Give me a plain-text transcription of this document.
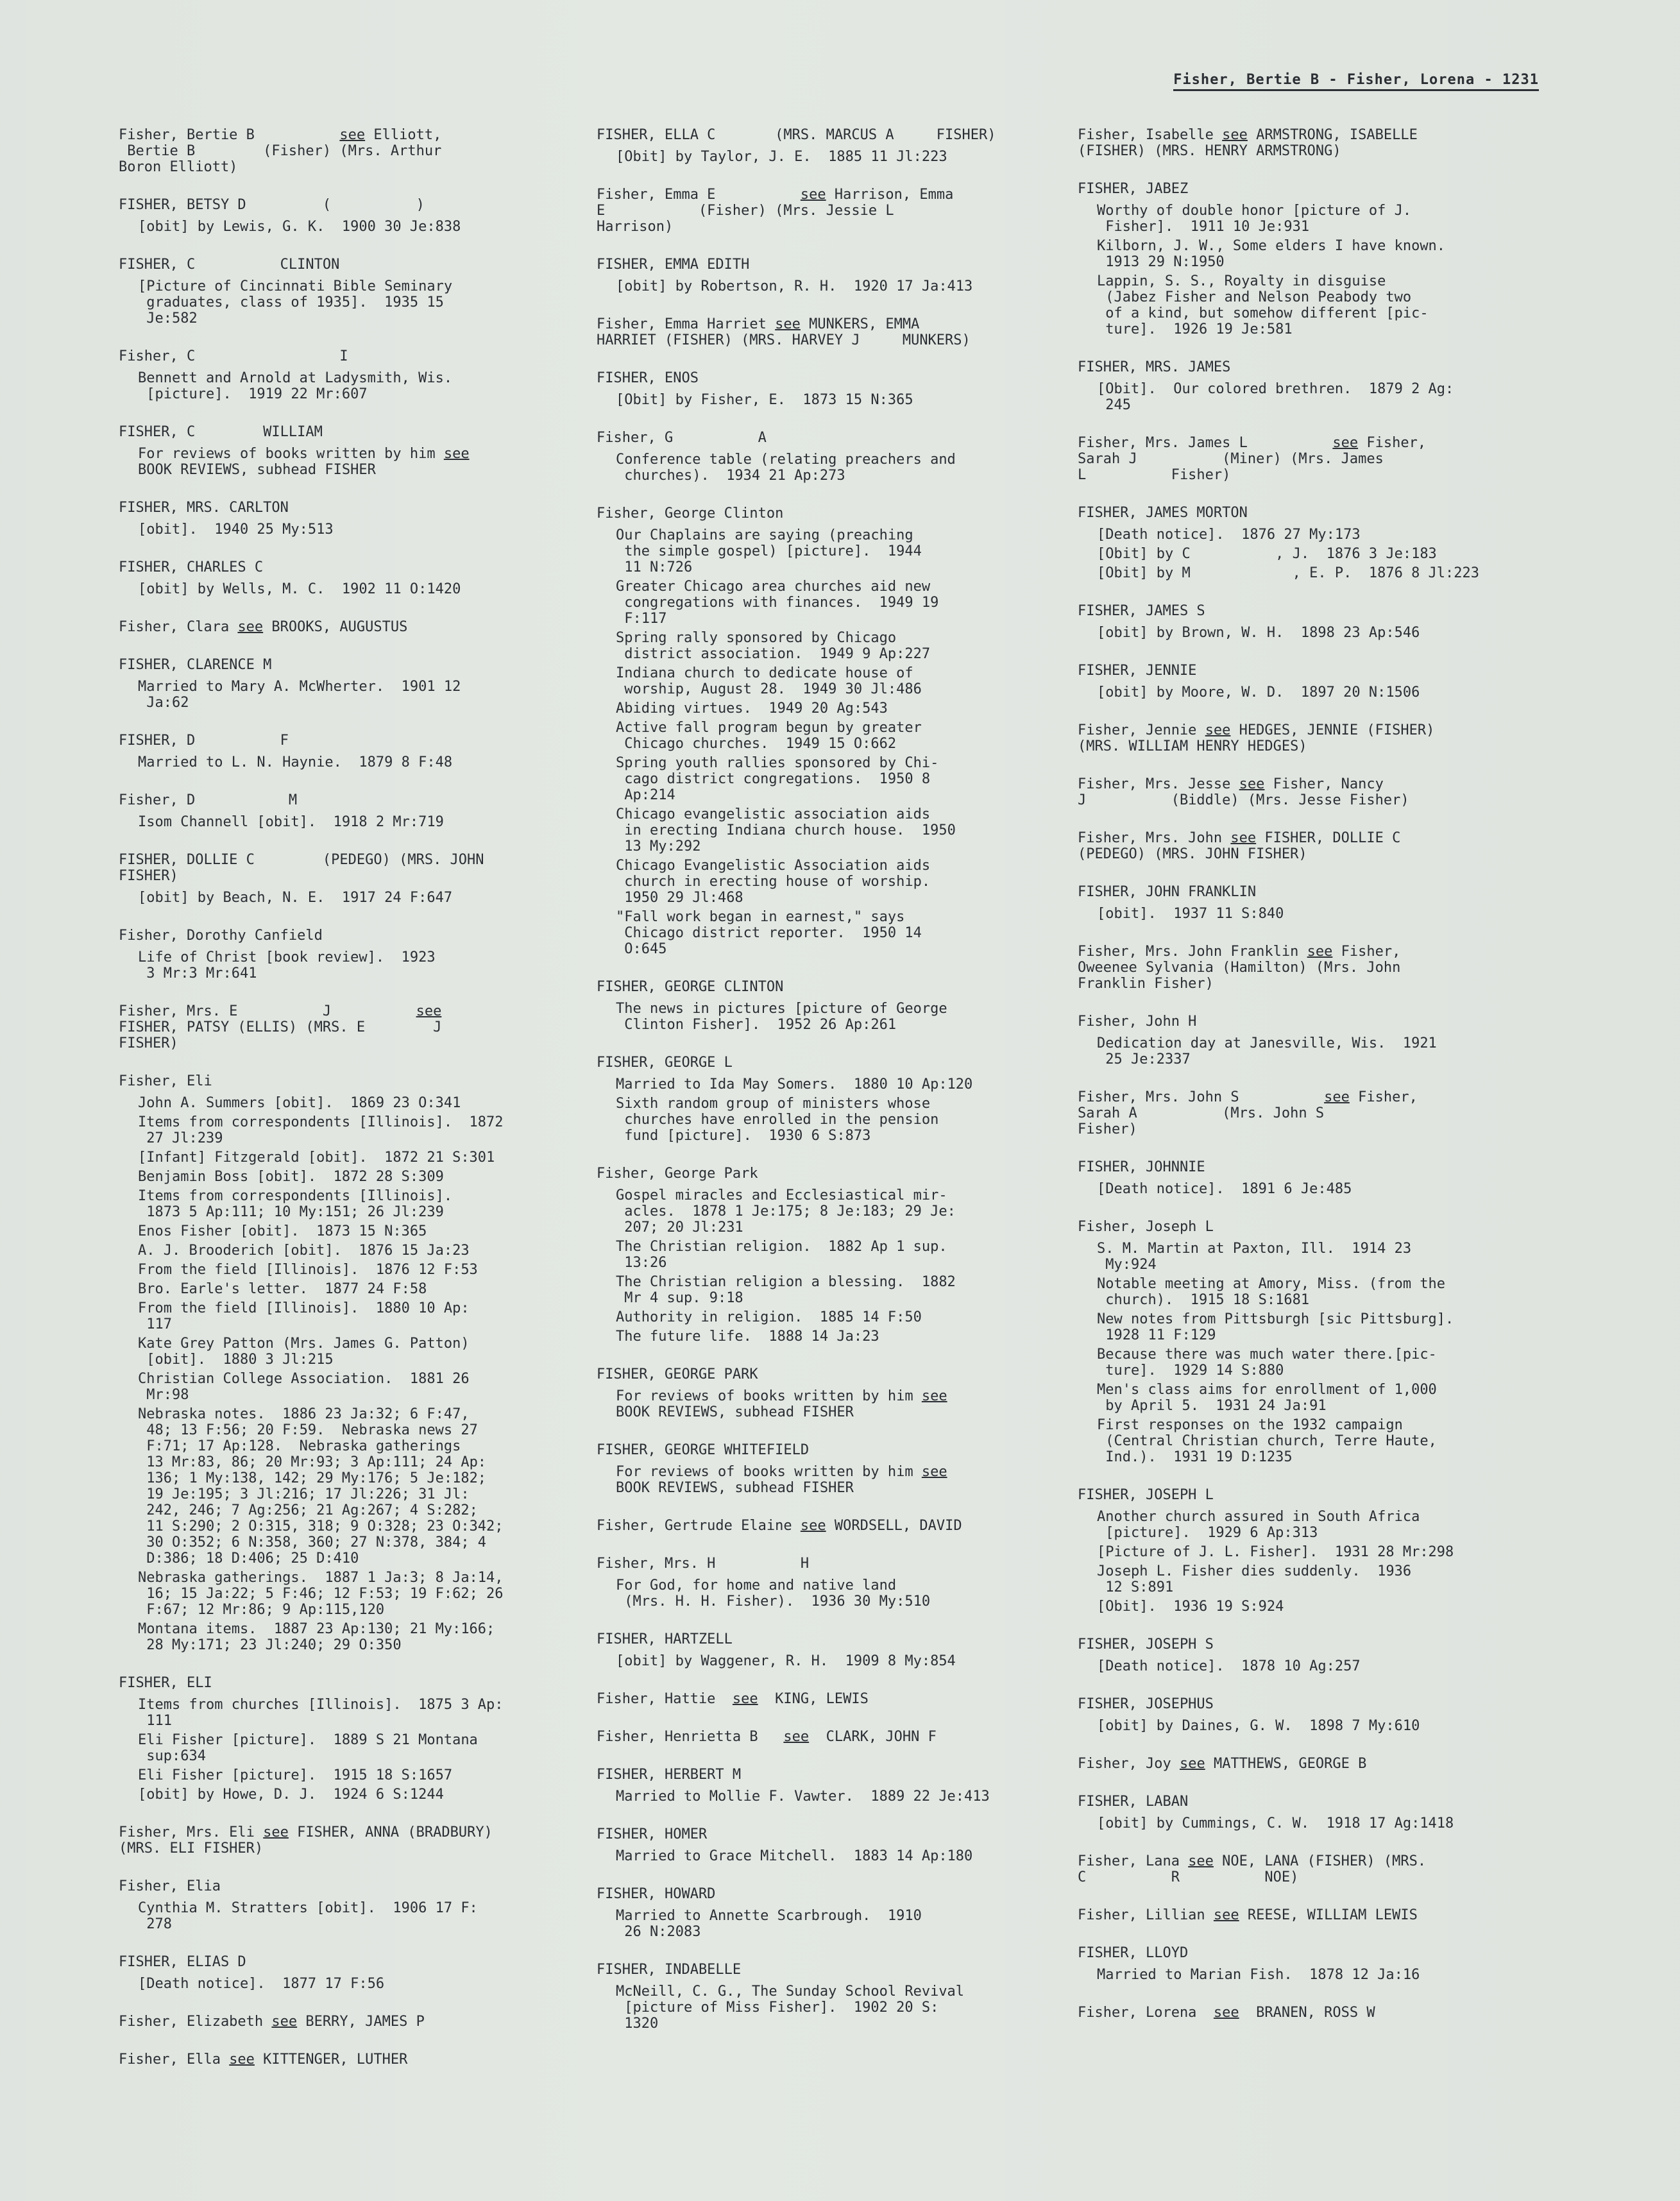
Fisher, Bertie B - Fisher, Lorena - 1231
Fisher, Bertie B          see Elliott,
Bertie B        (Fisher) (Mrs. Arthur
Boron Elliott)
FISHER, BETSY D         (          )
[obit] by Lewis, G. K.  1900 30 Je:838
FISHER, C          CLINTON
[Picture of Cincinnati Bible Seminary
graduates, class of 1935].  1935 15
Je:582
Fisher, C                 I
Bennett and Arnold at Ladysmith, Wis.
[picture].  1919 22 Mr:607
FISHER, C        WILLIAM
For reviews of books written by him see
BOOK REVIEWS, subhead FISHER
FISHER, MRS. CARLTON
[obit].  1940 25 My:513
FISHER, CHARLES C
[obit] by Wells, M. C.  1902 11 O:1420
Fisher, Clara see BROOKS, AUGUSTUS
FISHER, CLARENCE M
Married to Mary A. McWherter.  1901 12
Ja:62
FISHER, D          F
Married to L. N. Haynie.  1879 8 F:48
Fisher, D           M
Isom Channell [obit].  1918 2 Mr:719
FISHER, DOLLIE C        (PEDEGO) (MRS. JOHN
FISHER)
[obit] by Beach, N. E.  1917 24 F:647
Fisher, Dorothy Canfield
Life of Christ [book review].  1923
3 Mr:3 Mr:641
Fisher, Mrs. E          J          see
FISHER, PATSY (ELLIS) (MRS. E        J
FISHER)
Fisher, Eli
John A. Summers [obit].  1869 23 O:341
Items from correspondents [Illinois].  1872
27 Jl:239
[Infant] Fitzgerald [obit].  1872 21 S:301
Benjamin Boss [obit].  1872 28 S:309
Items from correspondents [Illinois].
1873 5 Ap:111; 10 My:151; 26 Jl:239
Enos Fisher [obit].  1873 15 N:365
A. J. Brooderich [obit].  1876 15 Ja:23
From the field [Illinois].  1876 12 F:53
Bro. Earle's letter.  1877 24 F:58
From the field [Illinois].  1880 10 Ap:
117
Kate Grey Patton (Mrs. James G. Patton)
[obit].  1880 3 Jl:215
Christian College Association.  1881 26
Mr:98
Nebraska notes.  1886 23 Ja:32; 6 F:47,
48; 13 F:56; 20 F:59.  Nebraska news 27
F:71; 17 Ap:128.  Nebraska gatherings
13 Mr:83, 86; 20 Mr:93; 3 Ap:111; 24 Ap:
136; 1 My:138, 142; 29 My:176; 5 Je:182;
19 Je:195; 3 Jl:216; 17 Jl:226; 31 Jl:
242, 246; 7 Ag:256; 21 Ag:267; 4 S:282;
11 S:290; 2 O:315, 318; 9 O:328; 23 O:342;
30 O:352; 6 N:358, 360; 27 N:378, 384; 4
D:386; 18 D:406; 25 D:410
Nebraska gatherings.  1887 1 Ja:3; 8 Ja:14,
16; 15 Ja:22; 5 F:46; 12 F:53; 19 F:62; 26
F:67; 12 Mr:86; 9 Ap:115,120
Montana items.  1887 23 Ap:130; 21 My:166;
28 My:171; 23 Jl:240; 29 O:350
FISHER, ELI
Items from churches [Illinois].  1875 3 Ap:
111
Eli Fisher [picture].  1889 S 21 Montana
sup:634
Eli Fisher [picture].  1915 18 S:1657
[obit] by Howe, D. J.  1924 6 S:1244
Fisher, Mrs. Eli see FISHER, ANNA (BRADBURY)
(MRS. ELI FISHER)
Fisher, Elia
Cynthia M. Stratters [obit].  1906 17 F:
278
FISHER, ELIAS D
[Death notice].  1877 17 F:56
Fisher, Elizabeth see BERRY, JAMES P
Fisher, Ella see KITTENGER, LUTHER
FISHER, ELLA C       (MRS. MARCUS A     FISHER)
[Obit] by Taylor, J. E.  1885 11 Jl:223
Fisher, Emma E          see Harrison, Emma
E           (Fisher) (Mrs. Jessie L
Harrison)
FISHER, EMMA EDITH
[obit] by Robertson, R. H.  1920 17 Ja:413
Fisher, Emma Harriet see MUNKERS, EMMA
HARRIET (FISHER) (MRS. HARVEY J     MUNKERS)
FISHER, ENOS
[Obit] by Fisher, E.  1873 15 N:365
Fisher, G          A
Conference table (relating preachers and
churches).  1934 21 Ap:273
Fisher, George Clinton
Our Chaplains are saying (preaching
the simple gospel) [picture].  1944
11 N:726
Greater Chicago area churches aid new
congregations with finances.  1949 19
F:117
Spring rally sponsored by Chicago
district association.  1949 9 Ap:227
Indiana church to dedicate house of
worship, August 28.  1949 30 Jl:486
Abiding virtues.  1949 20 Ag:543
Active fall program begun by greater
Chicago churches.  1949 15 O:662
Spring youth rallies sponsored by Chi-
cago district congregations.  1950 8
Ap:214
Chicago evangelistic association aids
in erecting Indiana church house.  1950
13 My:292
Chicago Evangelistic Association aids
church in erecting house of worship.
1950 29 Jl:468
"Fall work began in earnest," says
Chicago district reporter.  1950 14
O:645
FISHER, GEORGE CLINTON
The news in pictures [picture of George
Clinton Fisher].  1952 26 Ap:261
FISHER, GEORGE L
Married to Ida May Somers.  1880 10 Ap:120
Sixth random group of ministers whose
churches have enrolled in the pension
fund [picture].  1930 6 S:873
Fisher, George Park
Gospel miracles and Ecclesiastical mir-
acles.  1878 1 Je:175; 8 Je:183; 29 Je:
207; 20 Jl:231
The Christian religion.  1882 Ap 1 sup.
13:26
The Christian religion a blessing.  1882
Mr 4 sup. 9:18
Authority in religion.  1885 14 F:50
The future life.  1888 14 Ja:23
FISHER, GEORGE PARK
For reviews of books written by him see
BOOK REVIEWS, subhead FISHER
FISHER, GEORGE WHITEFIELD
For reviews of books written by him see
BOOK REVIEWS, subhead FISHER
Fisher, Gertrude Elaine see WORDSELL, DAVID
Fisher, Mrs. H          H
For God, for home and native land
(Mrs. H. H. Fisher).  1936 30 My:510
FISHER, HARTZELL
[obit] by Waggener, R. H.  1909 8 My:854
Fisher, Hattie  see  KING, LEWIS
Fisher, Henrietta B   see  CLARK, JOHN F
FISHER, HERBERT M
Married to Mollie F. Vawter.  1889 22 Je:413
FISHER, HOMER
Married to Grace Mitchell.  1883 14 Ap:180
FISHER, HOWARD
Married to Annette Scarbrough.  1910
26 N:2083
FISHER, INDABELLE
McNeill, C. G., The Sunday School Revival
[picture of Miss Fisher].  1902 20 S:
1320
Fisher, Isabelle see ARMSTRONG, ISABELLE
(FISHER) (MRS. HENRY ARMSTRONG)
FISHER, JABEZ
Worthy of double honor [picture of J.
Fisher].  1911 10 Je:931
Kilborn, J. W., Some elders I have known.
1913 29 N:1950
Lappin, S. S., Royalty in disguise
(Jabez Fisher and Nelson Peabody two
of a kind, but somehow different [pic-
ture].  1926 19 Je:581
FISHER, MRS. JAMES
[Obit].  Our colored brethren.  1879 2 Ag:
245
Fisher, Mrs. James L          see Fisher,
Sarah J          (Miner) (Mrs. James
L          Fisher)
FISHER, JAMES MORTON
[Death notice].  1876 27 My:173
[Obit] by C          , J.  1876 3 Je:183
[Obit] by M            , E. P.  1876 8 Jl:223
FISHER, JAMES S
[obit] by Brown, W. H.  1898 23 Ap:546
FISHER, JENNIE
[obit] by Moore, W. D.  1897 20 N:1506
Fisher, Jennie see HEDGES, JENNIE (FISHER)
(MRS. WILLIAM HENRY HEDGES)
Fisher, Mrs. Jesse see Fisher, Nancy
J          (Biddle) (Mrs. Jesse Fisher)
Fisher, Mrs. John see FISHER, DOLLIE C
(PEDEGO) (MRS. JOHN FISHER)
FISHER, JOHN FRANKLIN
[obit].  1937 11 S:840
Fisher, Mrs. John Franklin see Fisher,
Oweenee Sylvania (Hamilton) (Mrs. John
Franklin Fisher)
Fisher, John H
Dedication day at Janesville, Wis.  1921
25 Je:2337
Fisher, Mrs. John S          see Fisher,
Sarah A          (Mrs. John S
Fisher)
FISHER, JOHNNIE
[Death notice].  1891 6 Je:485
Fisher, Joseph L
S. M. Martin at Paxton, Ill.  1914 23
My:924
Notable meeting at Amory, Miss. (from the
church).  1915 18 S:1681
New notes from Pittsburgh [sic Pittsburg].
1928 11 F:129
Because there was much water there.[pic-
ture].  1929 14 S:880
Men's class aims for enrollment of 1,000
by April 5.  1931 24 Ja:91
First responses on the 1932 campaign
(Central Christian church, Terre Haute,
Ind.).  1931 19 D:1235
FISHER, JOSEPH L
Another church assured in South Africa
[picture].  1929 6 Ap:313
[Picture of J. L. Fisher].  1931 28 Mr:298
Joseph L. Fisher dies suddenly.  1936
12 S:891
[Obit].  1936 19 S:924
FISHER, JOSEPH S
[Death notice].  1878 10 Ag:257
FISHER, JOSEPHUS
[obit] by Daines, G. W.  1898 7 My:610
Fisher, Joy see MATTHEWS, GEORGE B
FISHER, LABAN
[obit] by Cummings, C. W.  1918 17 Ag:1418
Fisher, Lana see NOE, LANA (FISHER) (MRS.
C          R          NOE)
Fisher, Lillian see REESE, WILLIAM LEWIS
FISHER, LLOYD
Married to Marian Fish.  1878 12 Ja:16
Fisher, Lorena  see  BRANEN, ROSS W
